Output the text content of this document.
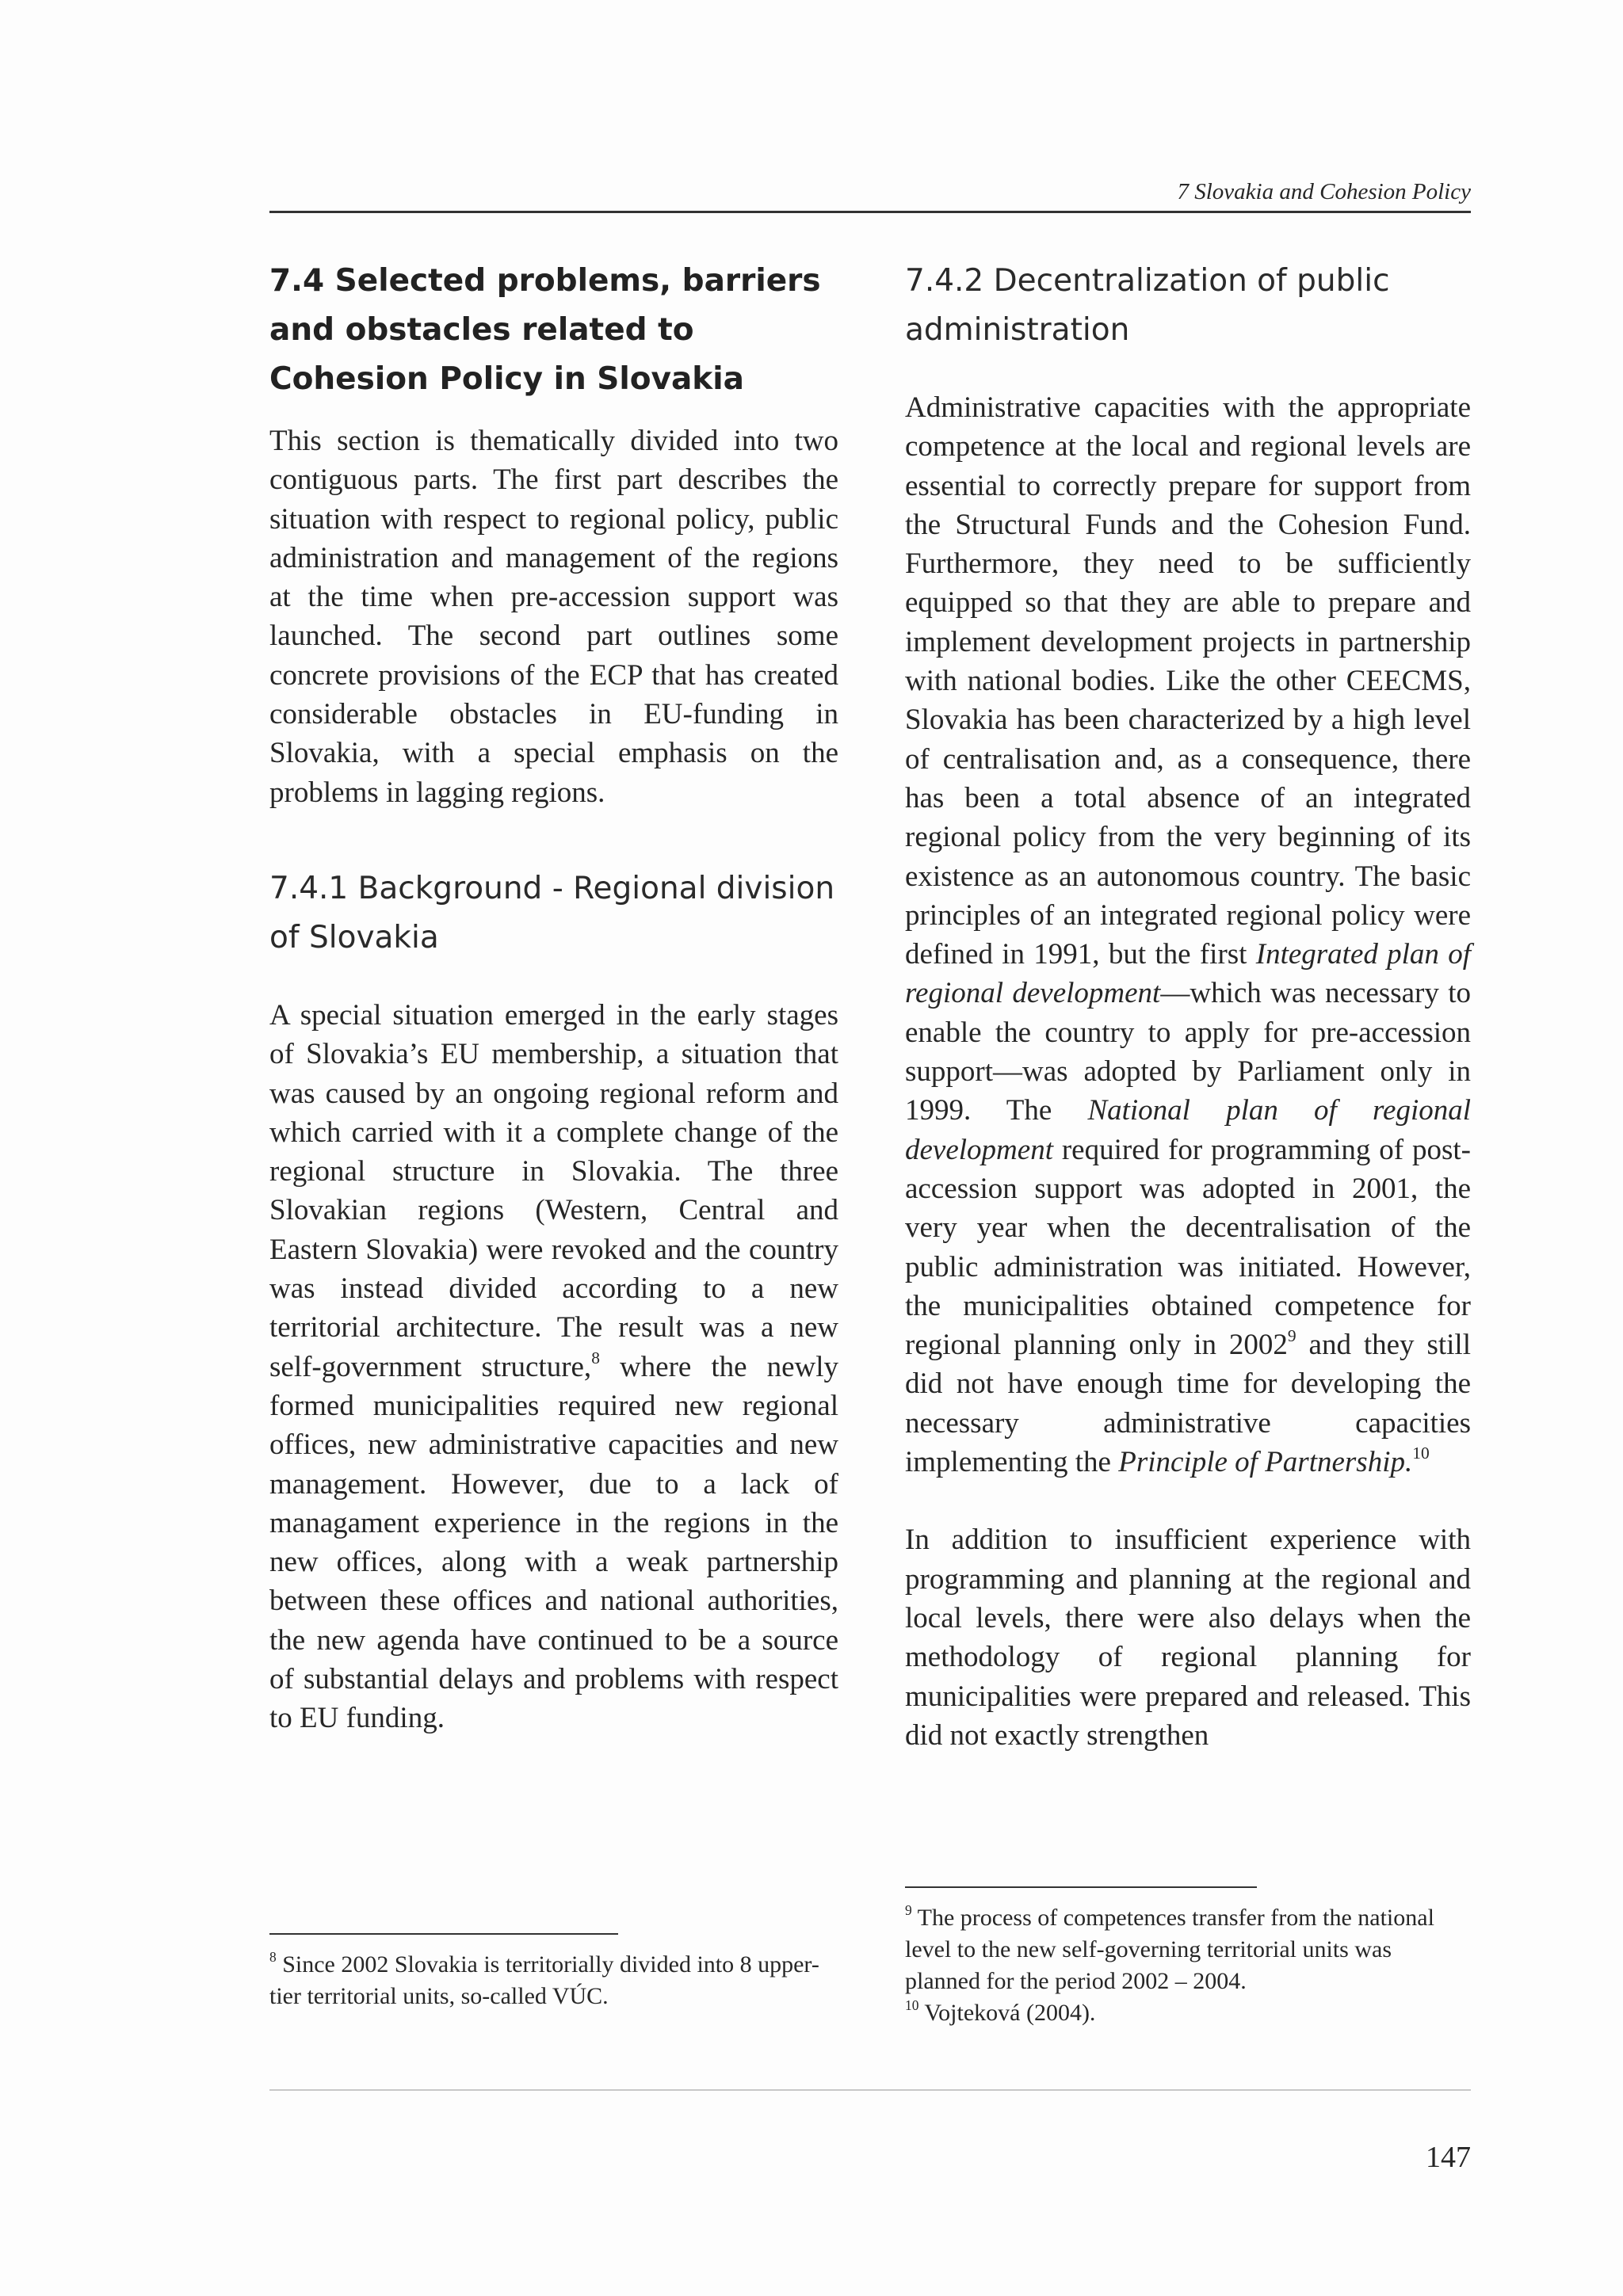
7 Slovakia and Cohesion Policy
7.4 Selected problems, barriers and obstacles related to Cohesion Policy in Slovakia

This section is thematically divided into two contiguous parts. The first part describes the situation with respect to regional policy, public administration and management of the regions at the time when pre-accession support was launched. The second part outlines some concrete provisions of the ECP that has created considerable obstacles in EU-funding in Slovakia, with a special emphasis on the problems in lagging regions.

7.4.1 Background - Regional division of Slovakia

A special situation emerged in the early stages of Slovakia’s EU membership, a situation that was caused by an ongoing regional reform and which carried with it a complete change of the regional structure in Slovakia. The three Slovakian regions (Western, Central and Eastern Slovakia) were revoked and the country was instead divided according to a new territorial architecture. The result was a new self-government structure,$^8$ where the newly formed municipalities required new regional offices, new administrative capacities and new management. However, due to a lack of managament experience in the regions in the new offices, along with a weak partnership between these offices and national authorities, the new agenda have continued to be a source of substantial delays and problems with respect to EU funding.

7.4.2 Decentralization of public administration

Administrative capacities with the appropriate competence at the local and regional levels are essential to correctly prepare for support from the Structural Funds and the Cohesion Fund. Furthermore, they need to be sufficiently equipped so that they are able to prepare and implement development projects in partnership with national bodies. Like the other CEECMS, Slovakia has been characterized by a high level of centralisation and, as a consequence, there has been a total absence of an integrated regional policy from the very beginning of its existence as an autonomous country. The basic principles of an integrated regional policy were defined in 1991, but the first Integrated plan of regional development—which was necessary to enable the country to apply for pre-accession support—was adopted by Parliament only in 1999. The National plan of regional development required for programming of post-accession support was adopted in 2001, the very year when the decentralisation of the public administration was initiated. However, the municipalities obtained competence for regional planning only in 2002$^9$ and they still did not have enough time for developing the necessary administrative capacities implementing the Principle of Partnership.$^{10}$

In addition to insufficient experience with programming and planning at the regional and local levels, there were also delays when the methodology of regional planning for municipalities were prepared and released. This did not exactly strengthen

$^8$ Since 2002 Slovakia is territorially divided into 8 upper-tier territorial units, so-called VÚC.

$^9$ The process of competences transfer from the national level to the new self-governing territorial units was planned for the period 2002 – 2004.

$^{10}$ Vojteková (2004).

147
